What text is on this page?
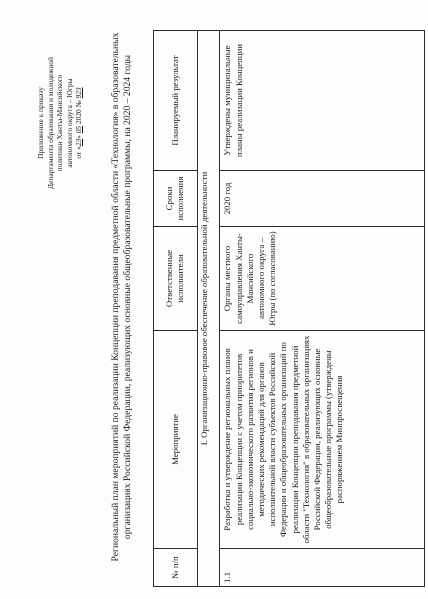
Приложение к приказу Департамента образования и молодежной политики Ханты-Мансийского автономного округа – Югры от «23» 05 2020 № 923	Региональный план мероприятий по реализации Концепции преподавания предметной области «Технология» в образовательных организациях Российской Федерации, реализующих основные общеобразовательные программы, на 2020 – 2024 годы
№ п/п	Мероприятие	Ответственные исполнители	Сроки исполнения	Планируемый результат
I. Организационно-правовое обеспечение образовательной деятельности				
1.1	Разработка и утверждение региональных планов реализации Концепции с учетом приоритетов социально-экономического развития регионов и методических рекомендаций для органов исполнительной власти субъектов Российской Федерации и общеобразовательных организаций по реализации Концепции преподавания предметной области "Технология" в образовательных организациях Российской Федерации, реализующих основные общеобразовательные программы (утверждены распоряжением Минпросвещения	Органы местного самоуправления Ханты-Мансийского автономного округа – Югры (по согласованию)	2020 год	Утверждены муниципальные планы реализации Концепции
